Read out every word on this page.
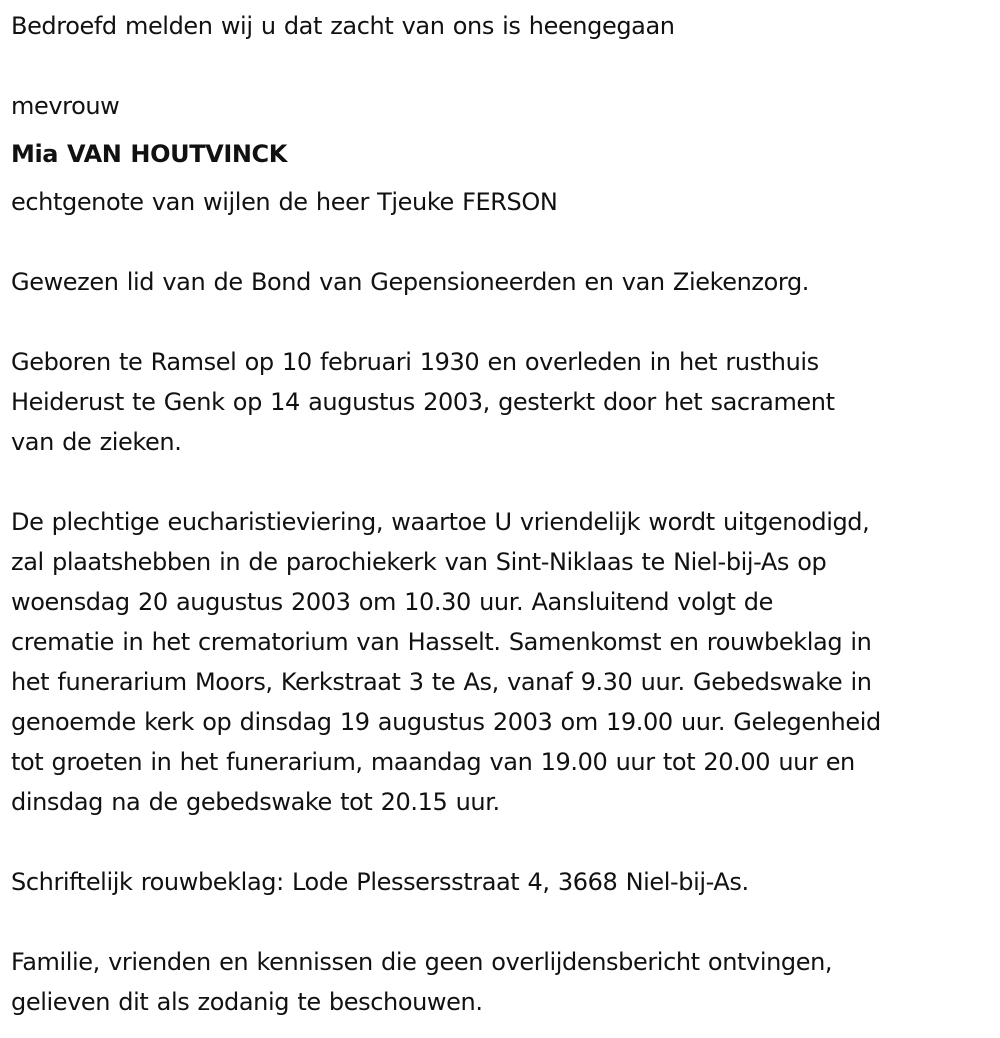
Bedroefd melden wij u dat zacht van ons is heengegaan

mevrouw

Mia VAN HOUTVINCK

echtgenote van wijlen de heer Tjeuke FERSON

Gewezen lid van de Bond van Gepensioneerden en van Ziekenzorg.

Geboren te Ramsel op 10 februari 1930 en overleden in het rusthuis
Heiderust te Genk op 14 augustus 2003, gesterkt door het sacrament
van de zieken.

De plechtige eucharistieviering, waartoe U vriendelijk wordt uitgenodigd,
zal plaatshebben in de parochiekerk van Sint-Niklaas te Niel-bij-As op
woensdag 20 augustus 2003 om 10.30 uur. Aansluitend volgt de
crematie in het crematorium van Hasselt. Samenkomst en rouwbeklag in
het funerarium Moors, Kerkstraat 3 te As, vanaf 9.30 uur. Gebedswake in
genoemde kerk op dinsdag 19 augustus 2003 om 19.00 uur. Gelegenheid
tot groeten in het funerarium, maandag van 19.00 uur tot 20.00 uur en
dinsdag na de gebedswake tot 20.15 uur.

Schriftelijk rouwbeklag: Lode Plessersstraat 4, 3668 Niel-bij-As.

Familie, vrienden en kennissen die geen overlijdensbericht ontvingen,
gelieven dit als zodanig te beschouwen.
